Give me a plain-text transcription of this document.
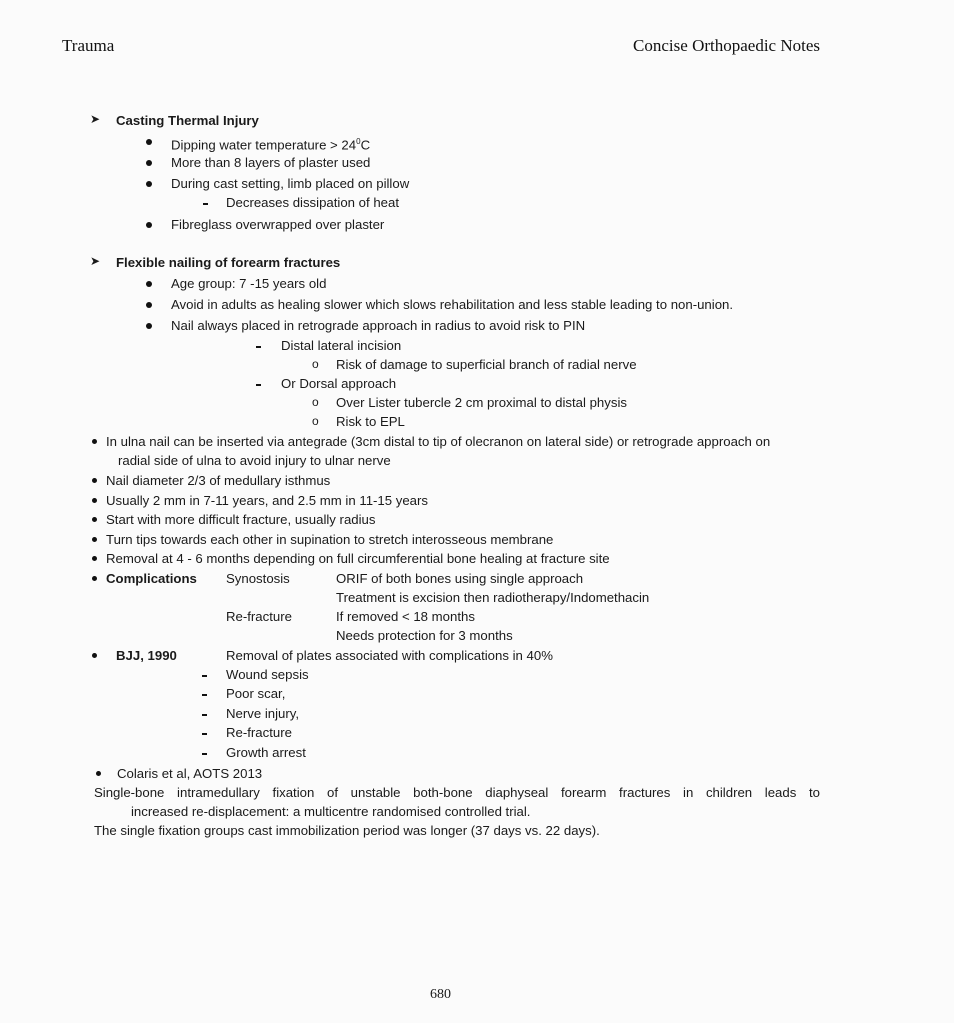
Trauma	Concise Orthopaedic Notes
➤ Casting Thermal Injury
Dipping water temperature > $24^0C$
More than 8 layers of plaster used
During cast setting, limb placed on pillow
Decreases dissipation of heat
Fibreglass overwrapped over plaster
➤ Flexible nailing of forearm fractures
Age group: 7 -15 years old
Avoid in adults as healing slower which slows rehabilitation and less stable leading to non-union.
Nail always placed in retrograde approach in radius to avoid risk to PIN
Distal lateral incision
o Risk of damage to superficial branch of radial nerve
Or Dorsal approach
o Over Lister tubercle 2 cm proximal to distal physis
o Risk to EPL
In ulna nail can be inserted via antegrade (3cm distal to tip of olecranon on lateral side) or retrograde approach on
radial side of ulna to avoid injury to ulnar nerve
Nail diameter 2/3 of medullary isthmus
Usually 2 mm in 7-11 years, and 2.5 mm in 11-15 years
Start with more difficult fracture, usually radius
Turn tips towards each other in supination to stretch interosseous membrane
Removal at 4 - 6 months depending on full circumferential bone healing at fracture site
Complications Synostosis	ORIF of both bones using single approach
Treatment is excision then radiotherapy/Indomethacin
Re-fracture	If removed < 18 months
Needs protection for 3 months
BJJ, 1990	Removal of plates associated with complications in 40%
Wound sepsis
Poor scar,
Nerve injury,
Re-fracture
Growth arrest
Colaris et al, AOTS 2013
Single-bone intramedullary fixation of unstable both-bone diaphyseal forearm fractures in children leads to
increased re-displacement: a multicentre randomised controlled trial.
The single fixation groups cast immobilization period was longer (37 days vs. 22 days).
680
